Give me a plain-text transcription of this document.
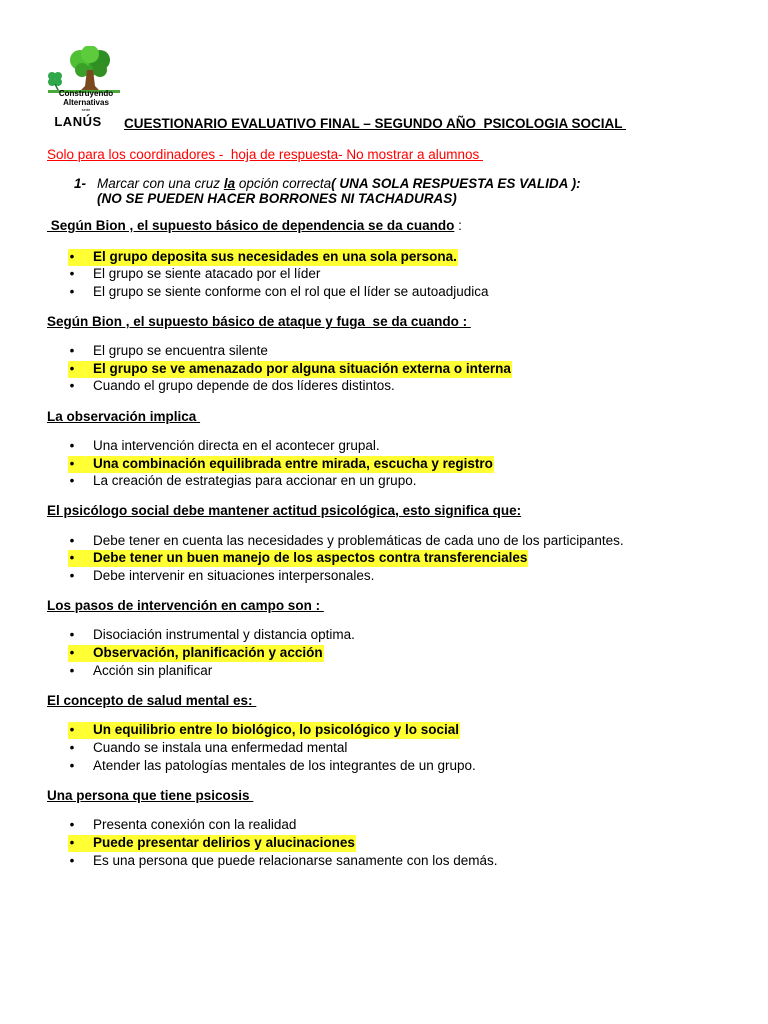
Construyendo
Alternativas
sede
LANÚS	CUESTIONARIO EVALUATIVO FINAL – SEGUNDO AÑO  PSICOLOGIA SOCIAL
Solo para los coordinadores -  hoja de respuesta- No mostrar a alumnos
1- Marcar con una cruz la opción correcta( UNA SOLA RESPUESTA ES VALIDA ):
(NO SE PUEDEN HACER BORRONES NI TACHADURAS)
Según Bion , el supuesto básico de dependencia se da cuando :
• El grupo deposita sus necesidades en una sola persona.
• El grupo se siente atacado por el líder
• El grupo se siente conforme con el rol que el líder se autoadjudica
Según Bion , el supuesto básico de ataque y fuga  se da cuando :
• El grupo se encuentra silente
• El grupo se ve amenazado por alguna situación externa o interna
• Cuando el grupo depende de dos líderes distintos.
La observación implica
• Una intervención directa en el acontecer grupal.
• Una combinación equilibrada entre mirada, escucha y registro
• La creación de estrategias para accionar en un grupo.
El psicólogo social debe mantener actitud psicológica, esto significa que:
• Debe tener en cuenta las necesidades y problemáticas de cada uno de los participantes.
• Debe tener un buen manejo de los aspectos contra transferenciales
• Debe intervenir en situaciones interpersonales.
Los pasos de intervención en campo son :
• Disociación instrumental y distancia optima.
• Observación, planificación y acción
• Acción sin planificar
El concepto de salud mental es:
• Un equilibrio entre lo biológico, lo psicológico y lo social
• Cuando se instala una enfermedad mental
• Atender las patologías mentales de los integrantes de un grupo.
Una persona que tiene psicosis
• Presenta conexión con la realidad
• Puede presentar delirios y alucinaciones
• Es una persona que puede relacionarse sanamente con los demás.
